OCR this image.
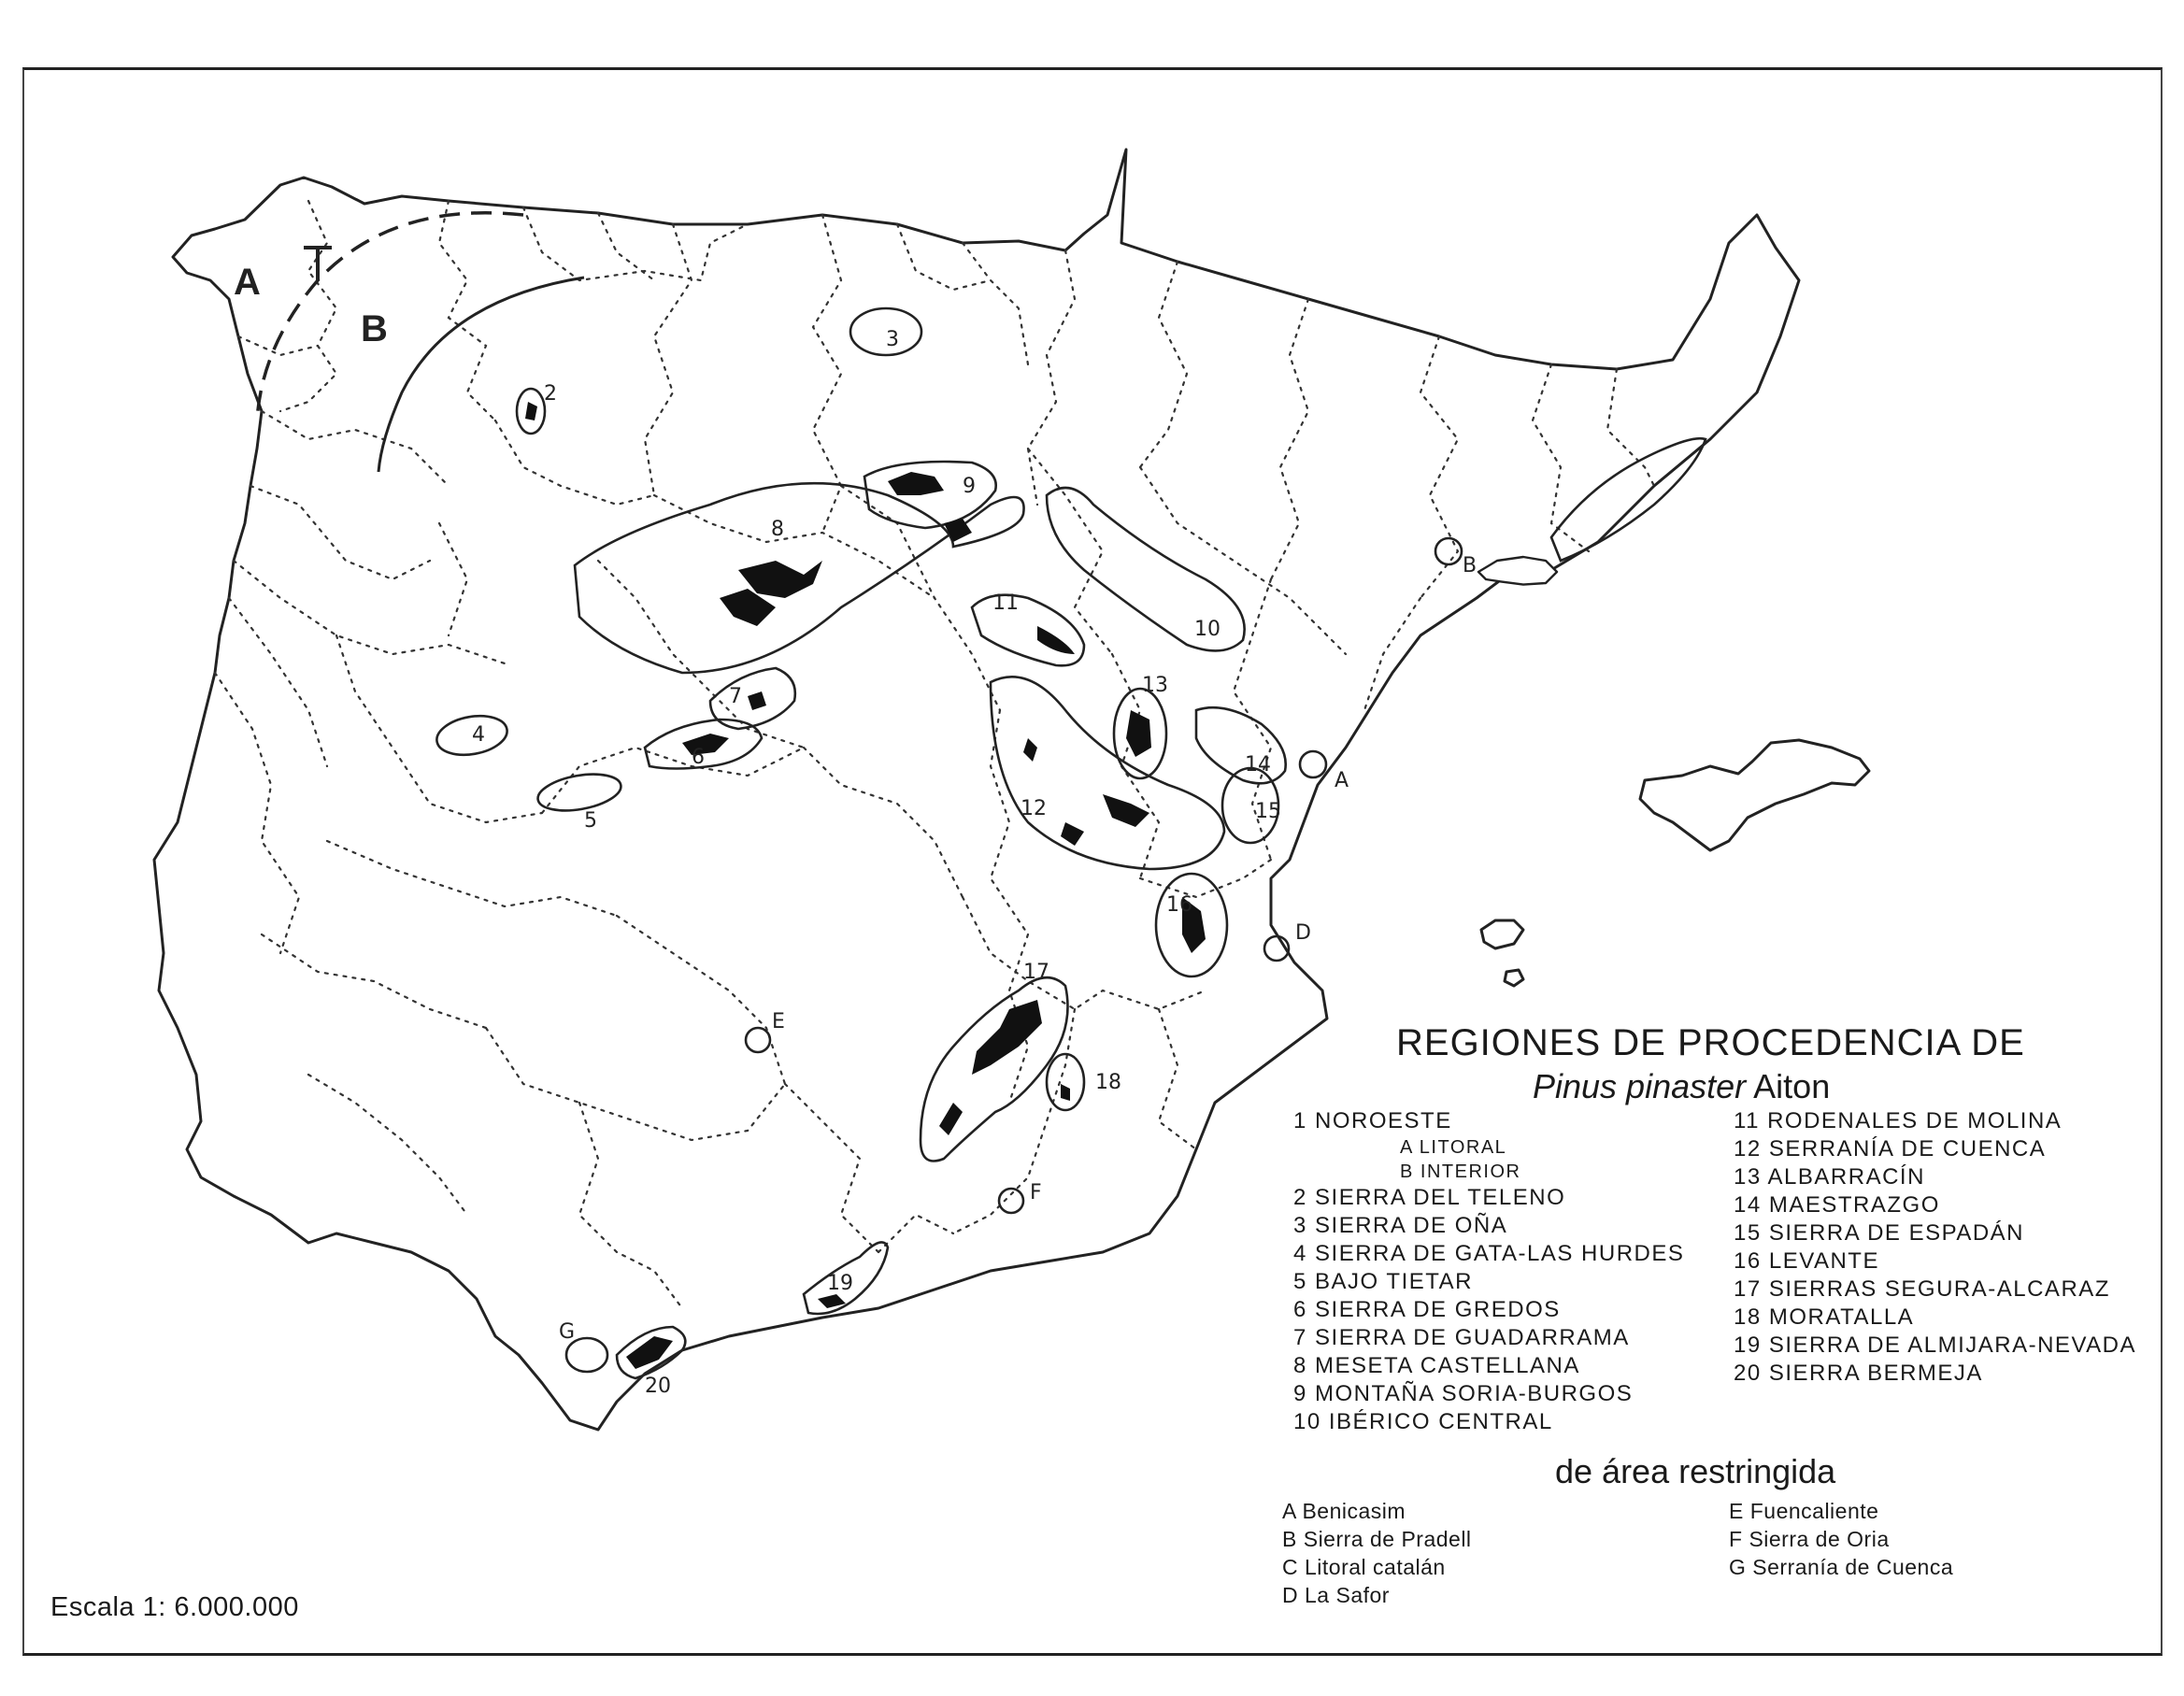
A
B
2
3
4
5
6
7
8
9
10
11
12
13
14
15
16
17
18
19
20
B
A
D
E
F
G
REGIONES DE PROCEDENCIA DE
Pinus pinaster Aiton
1 NOROESTE
A LITORAL
B INTERIOR
2 SIERRA DEL TELENO
3 SIERRA DE OÑA
4 SIERRA DE GATA-LAS HURDES
5 BAJO TIETAR
6 SIERRA DE GREDOS
7 SIERRA DE GUADARRAMA
8 MESETA CASTELLANA
9 MONTAÑA SORIA-BURGOS
10 IBÉRICO CENTRAL
11 RODENALES DE MOLINA
12 SERRANÍA DE CUENCA
13 ALBARRACÍN
14 MAESTRAZGO
15 SIERRA DE ESPADÁN
16 LEVANTE
17 SIERRAS SEGURA-ALCARAZ
18 MORATALLA
19 SIERRA DE ALMIJARA-NEVADA
20 SIERRA BERMEJA
de área restringida
A Benicasim
B Sierra de Pradell
C Litoral catalán
D La Safor
E Fuencaliente
F Sierra de Oria
G Serranía de Cuenca
Escala 1: 6.000.000
